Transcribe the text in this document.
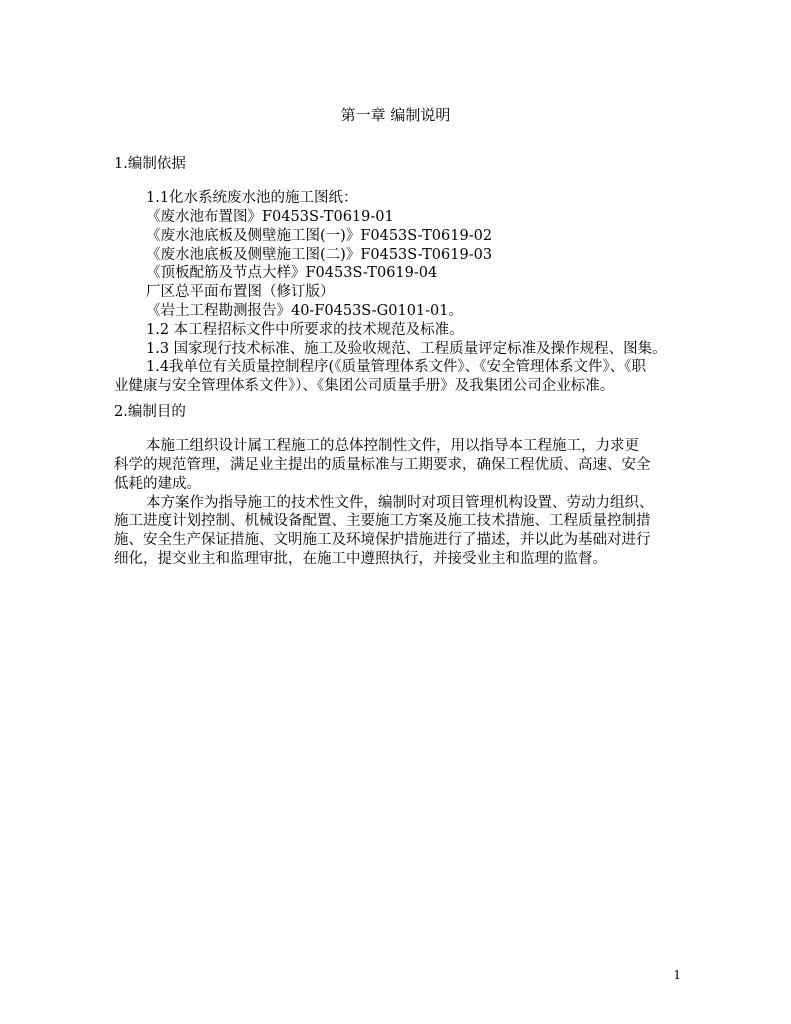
第一章 编制说明
1.编制依据
1.1化水系统废水池的施工图纸：
《废水池布置图》F0453S-T0619-01
《废水池底板及侧壁施工图(一)》F0453S-T0619-02
《废水池底板及侧壁施工图(二)》F0453S-T0619-03
《顶板配筋及节点大样》F0453S-T0619-04
厂区总平面布置图（修订版）
《岩土工程勘测报告》40-F0453S-G0101-01。
1.2 本工程招标文件中所要求的技术规范及标准。
1.3 国家现行技术标准、施工及验收规范、工程质量评定标准及操作规程、图集。
1.4我单位有关质量控制程序(《质量管理体系文件》、《安全管理体系文件》、《职
业健康与安全管理体系文件》）、《集团公司质量手册》及我集团公司企业标准。
2.编制目的
本施工组织设计属工程施工的总体控制性文件，用以指导本工程施工，力求更
科学的规范管理，满足业主提出的质量标准与工期要求，确保工程优质、高速、安全
低耗的建成。
本方案作为指导施工的技术性文件，编制时对项目管理机构设置、劳动力组织、
施工进度计划控制、机械设备配置、主要施工方案及施工技术措施、工程质量控制措
施、安全生产保证措施、文明施工及环境保护措施进行了描述，并以此为基础对进行
细化，提交业主和监理审批，在施工中遵照执行，并接受业主和监理的监督。
1
